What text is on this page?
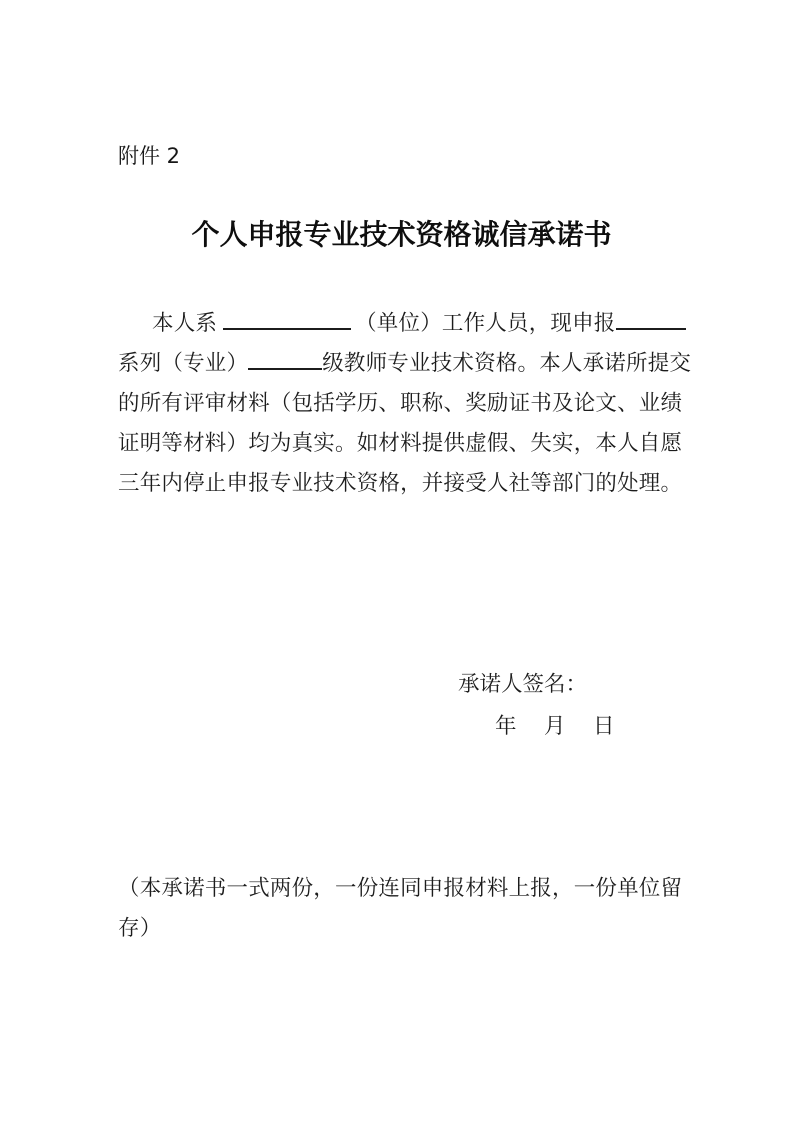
附件 2
个人申报专业技术资格诚信承诺书
本人系	（单位）工作人员，现申报
系列（专业）	级教师专业技术资格。本人承诺所提交
的所有评审材料（包括学历、职称、奖励证书及论文、业绩
证明等材料）均为真实。如材料提供虚假、失实，本人自愿
三年内停止申报专业技术资格，并接受人社等部门的处理。
承诺人签名：
年　月　日
（本承诺书一式两份，一份连同申报材料上报，一份单位留
存）
